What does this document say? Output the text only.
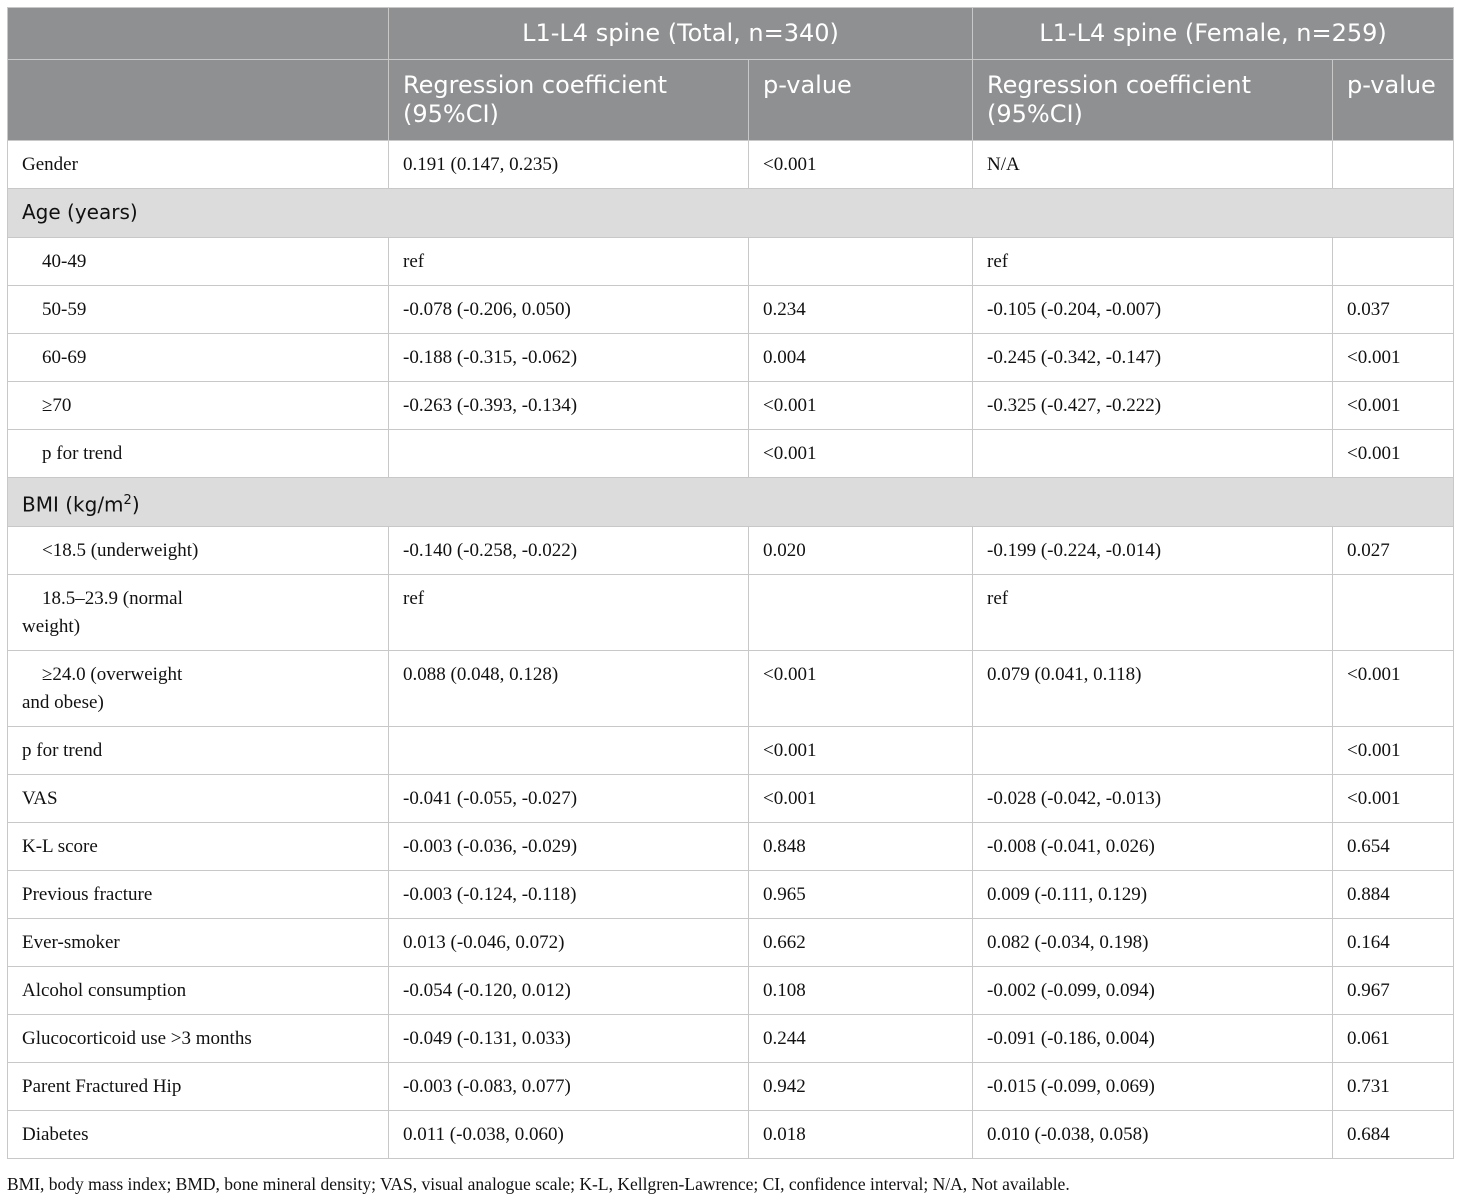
	L1-L4 spine (Total, n=340)		L1-L4 spine (Female, n=259)	
	Regression coefficient (95%CI)	p-value	Regression coefficient (95%CI)	p-value
Gender	0.191 (0.147, 0.235)	<0.001	N/A	
Age (years)				
40-49	ref		ref	
50-59	-0.078 (-0.206, 0.050)	0.234	-0.105 (-0.204, -0.007)	0.037
60-69	-0.188 (-0.315, -0.062)	0.004	-0.245 (-0.342, -0.147)	<0.001
≥70	-0.263 (-0.393, -0.134)	<0.001	-0.325 (-0.427, -0.222)	<0.001
p for trend		<0.001		<0.001
BMI $(kg/m^2)$				
<18.5 (underweight)	-0.140 (-0.258, -0.022)	0.020	-0.199 (-0.224, -0.014)	0.027

18.5–23.9 (normal
weight)	ref		ref	

≥24.0 (overweight
and obese)	0.088 (0.048, 0.128)	<0.001	0.079 (0.041, 0.118)	<0.001
p for trend		<0.001		<0.001
VAS	-0.041 (-0.055, -0.027)	<0.001	-0.028 (-0.042, -0.013)	<0.001
K-L score	-0.003 (-0.036, -0.029)	0.848	-0.008 (-0.041, 0.026)	0.654
Previous fracture	-0.003 (-0.124, -0.118)	0.965	0.009 (-0.111, 0.129)	0.884
Ever-smoker	0.013 (-0.046, 0.072)	0.662	0.082 (-0.034, 0.198)	0.164
Alcohol consumption	-0.054 (-0.120, 0.012)	0.108	-0.002 (-0.099, 0.094)	0.967
Glucocorticoid use >3 months	-0.049 (-0.131, 0.033)	0.244	-0.091 (-0.186, 0.004)	0.061
Parent Fractured Hip	-0.003 (-0.083, 0.077)	0.942	-0.015 (-0.099, 0.069)	0.731
Diabetes	0.011 (-0.038, 0.060)	0.018	0.010 (-0.038, 0.058)	0.684
BMI, body mass index; BMD, bone mineral density; VAS, visual analogue scale; K-L, Kellgren-Lawrence; CI, confidence interval; N/A, Not available.
